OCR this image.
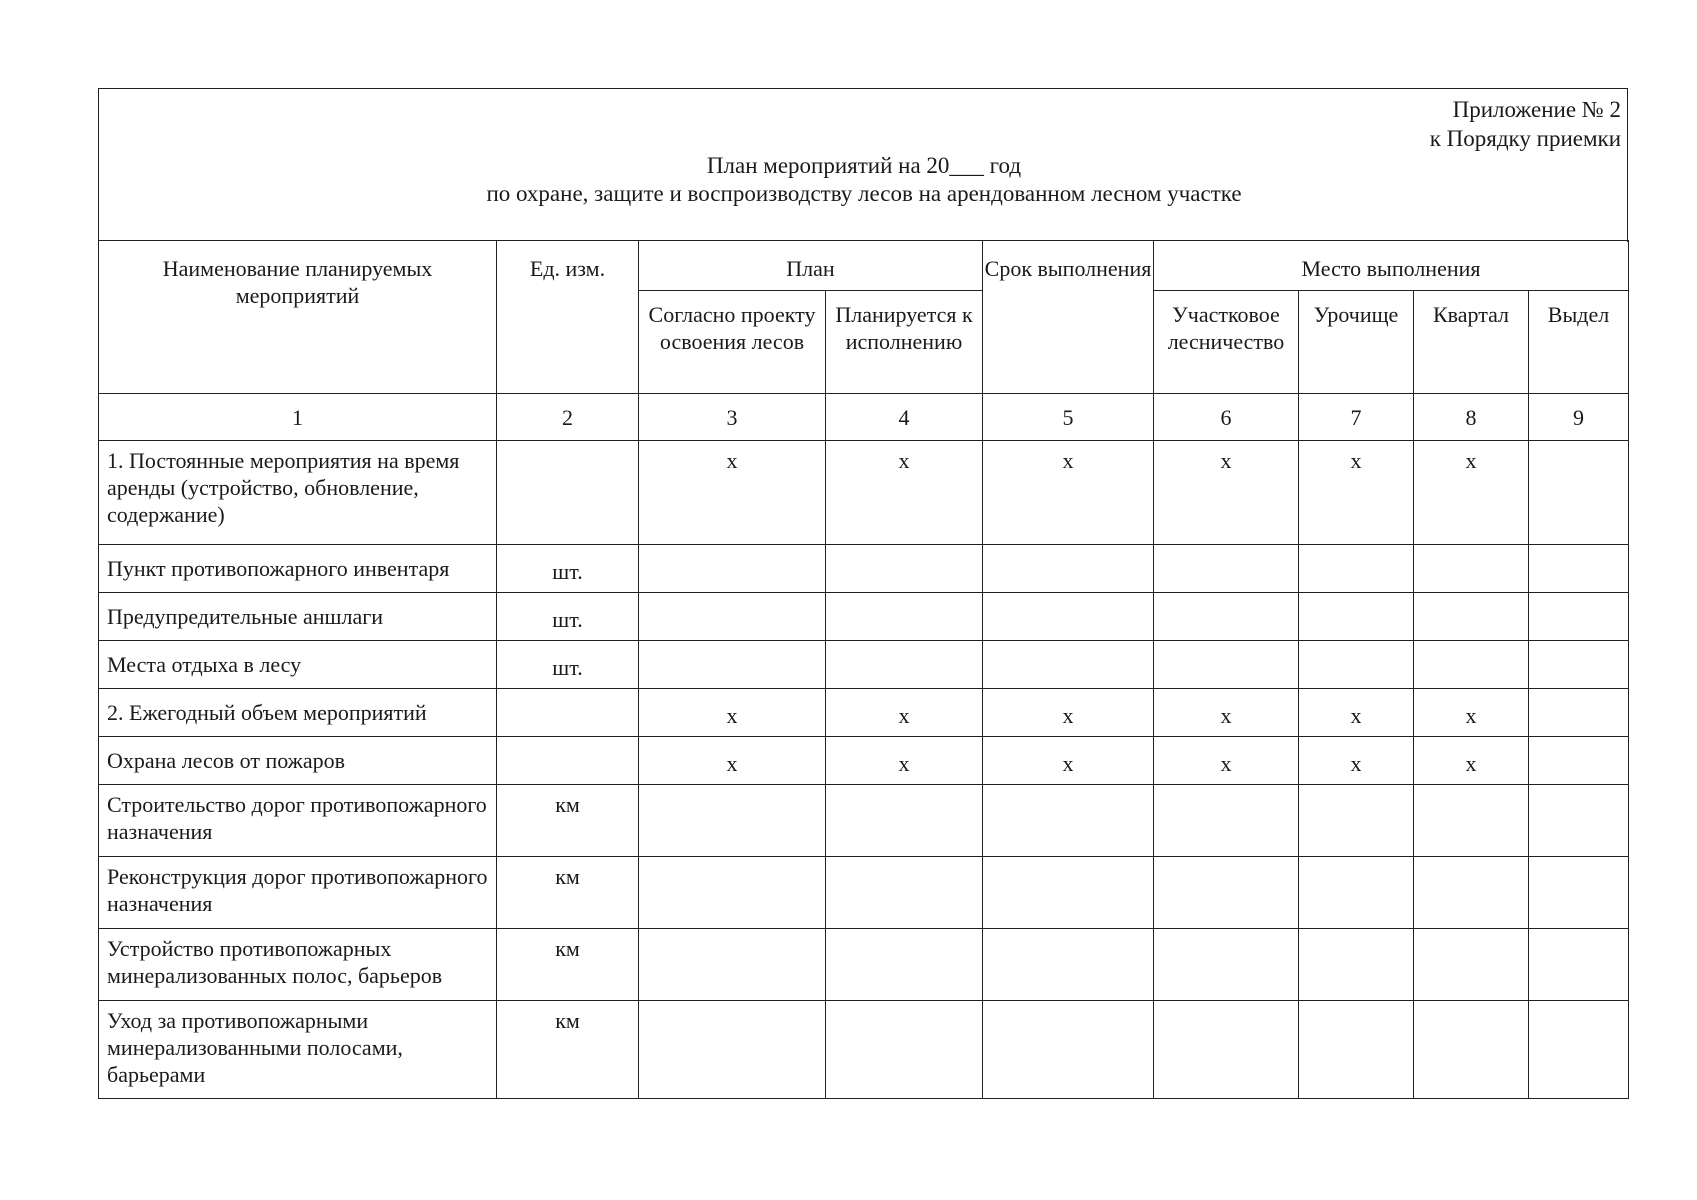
Приложение № 2
к Порядку приемки
План мероприятий на 20___ год
по охране, защите и воспроизводству лесов на арендованном лесном участке
Наименование планируемых мероприятий	Ед. изм.	План		Срок выполнения	Место выполнения			
		Согласно проекту освоения лесов	Планируется к исполнению		Участковое лесничество	Урочище	Квартал	Выдел
1	2	3	4	5	6	7	8	9
1. Постоянные мероприятия на время аренды (устройство, обновление, содержание)		x	x	x	x	x	x	
Пункт противопожарного инвентаря	шт.							
Предупредительные аншлаги	шт.							
Места отдыха в лесу	шт.							
2. Ежегодный объем мероприятий		x	x	x	x	x	x	
Охрана лесов от пожаров		x	x	x	x	x	x	
Строительство дорог противопожарного назначения	км							
Реконструкция дорог противопожарного назначения	км							
Устройство противопожарных минерализованных полос, барьеров	км							
Уход за противопожарными минерализованными полосами, барьерами	км							
